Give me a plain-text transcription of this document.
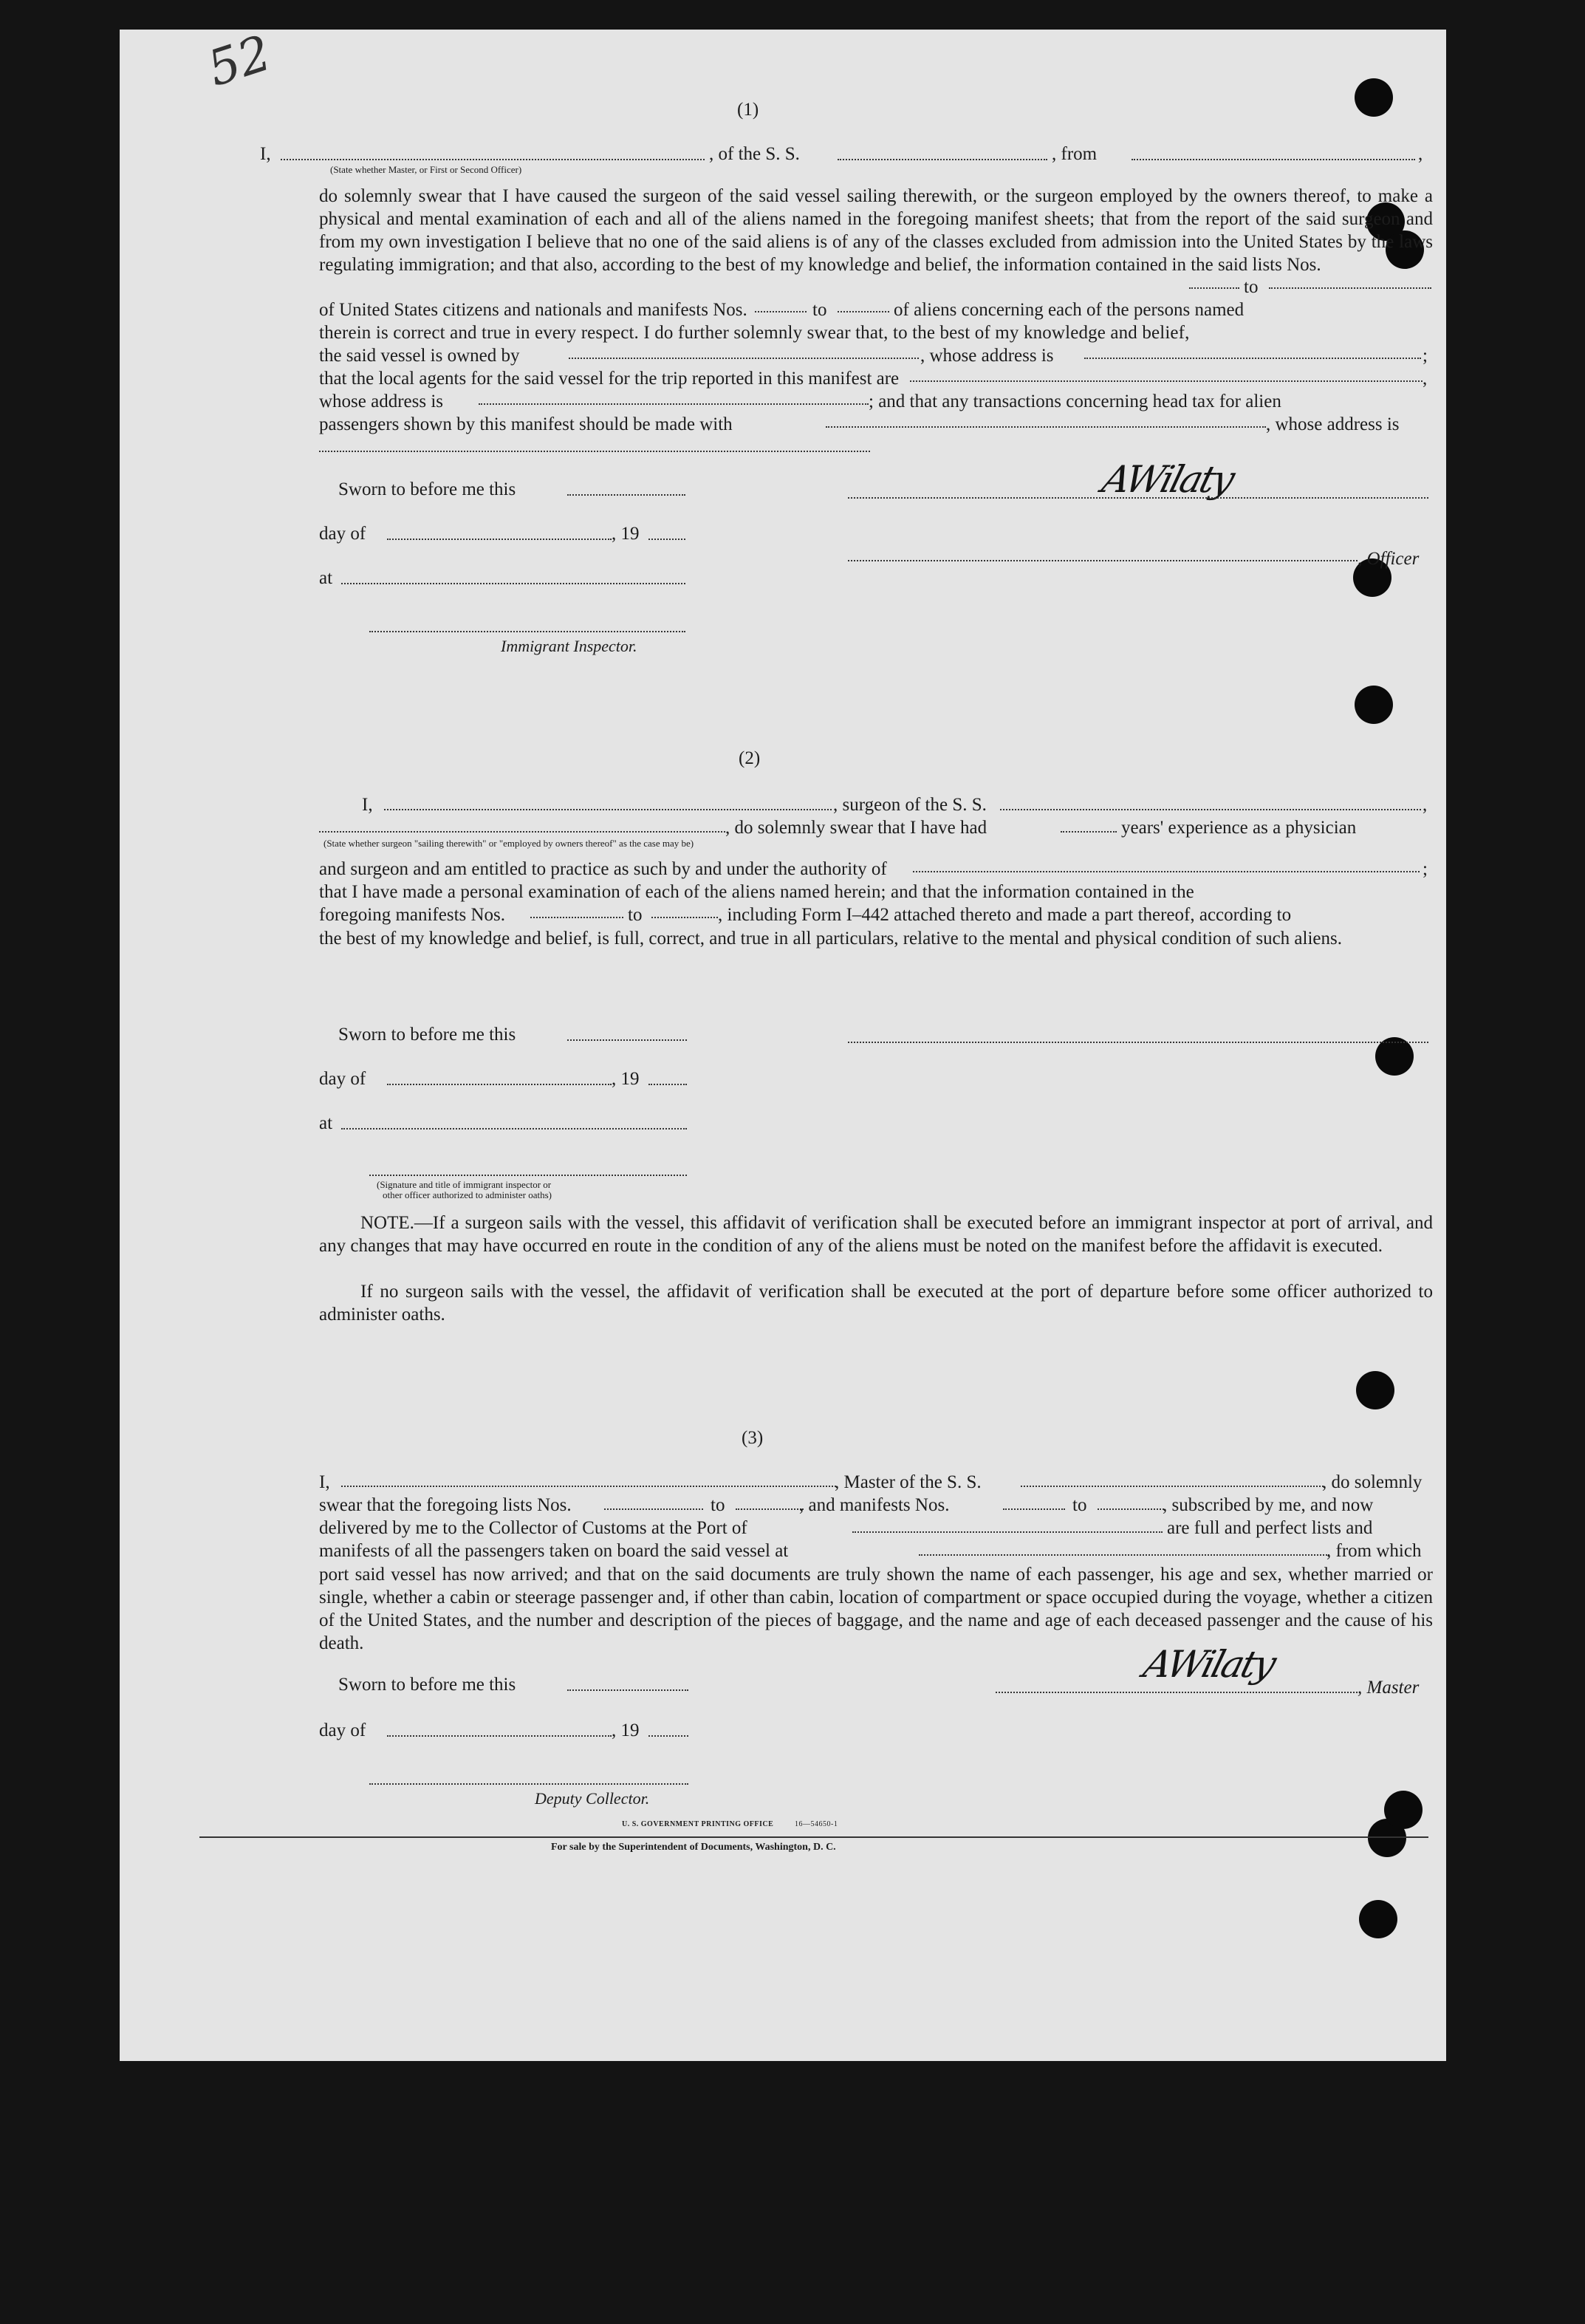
52
(1)
I,	, of the S. S.	, from	,
(State whether Master, or First or Second Officer)
do solemnly swear that I have caused the surgeon of the said vessel sailing therewith, or the surgeon employed by the owners thereof, to make a physical and mental examination of each and all of the aliens named in the foregoing manifest sheets; that from the report of the said surgeon and from my own investigation I believe that no one of the said aliens is of any of the classes excluded from admission into the United States by the laws regulating immigration; and that also, according to the best of my knowledge and belief, the information contained in the said lists Nos.
to
of United States citizens and nationals and manifests Nos.	to	of aliens concerning each of the persons named
therein is correct and true in every respect. I do further solemnly swear that, to the best of my knowledge and belief,
the said vessel is owned by	, whose address is	;
that the local agents for the said vessel for the trip reported in this manifest are	,
whose address is	; and that any transactions concerning head tax for alien
passengers shown by this manifest should be made with	, whose address is
Sworn to before me this
day of	, 19
at
Immigrant Inspector.
AWilaty
, Officer
(2)
I,	, surgeon of the S. S.	,
, do solemnly swear that I have had	years' experience as a physician
(State whether surgeon "sailing therewith" or "employed by owners thereof" as the case may be)
and surgeon and am entitled to practice as such by and under the authority of	;
that I have made a personal examination of each of the aliens named herein; and that the information contained in the
foregoing manifests Nos.	to	, including Form I–442 attached thereto and made a part thereof, according to
the best of my knowledge and belief, is full, correct, and true in all particulars, relative to the mental and physical condition of such aliens.
Sworn to before me this
day of	, 19
at
(Signature and title of immigrant inspector or
other officer authorized to administer oaths)
NOTE.—If a surgeon sails with the vessel, this affidavit of verification shall be executed before an immigrant inspector at port of arrival, and any changes that may have occurred en route in the condition of any of the aliens must be noted on the manifest before the affidavit is executed.
If no surgeon sails with the vessel, the affidavit of verification shall be executed at the port of departure before some officer authorized to administer oaths.
(3)
I,	, Master of the S. S.	, do solemnly
swear that the foregoing lists Nos.	to	, and manifests Nos.	to	, subscribed by me, and now
delivered by me to the Collector of Customs at the Port of	are full and perfect lists and
manifests of all the passengers taken on board the said vessel at	, from which
port said vessel has now arrived; and that on the said documents are truly shown the name of each passenger, his age and sex, whether married or single, whether a cabin or steerage passenger and, if other than cabin, location of compartment or space occupied during the voyage, whether a citizen of the United States, and the number and description of the pieces of baggage, and the name and age of each deceased passenger and the cause of his death.
Sworn to before me this
day of	, 19
Deputy Collector.
AWilaty
, Master
U. S. GOVERNMENT PRINTING OFFICE	16—54650-1
For sale by the Superintendent of Documents, Washington, D. C.
